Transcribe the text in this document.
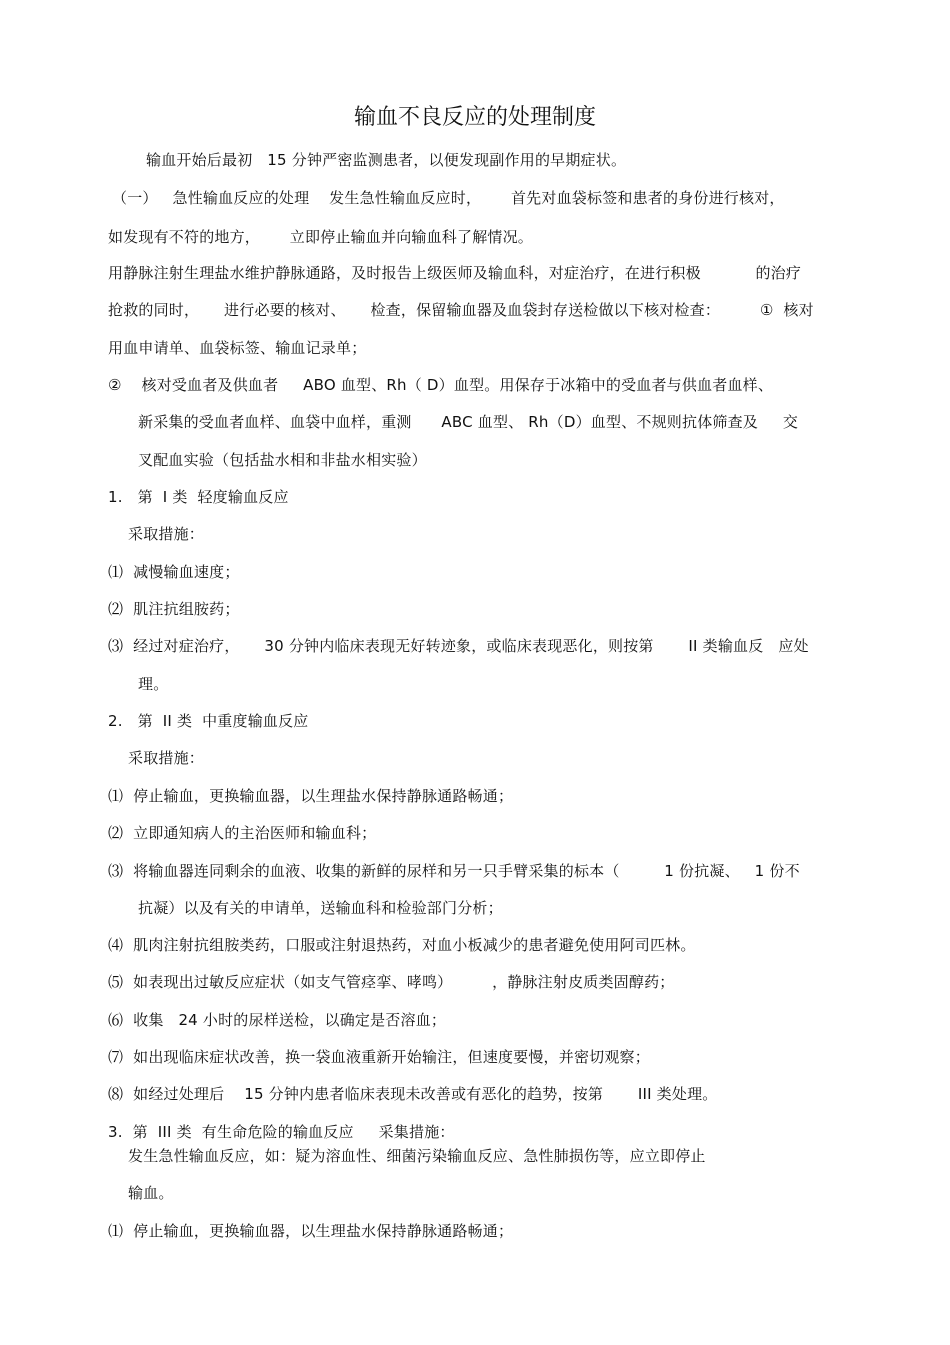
输血不良反应的处理制度
输血开始后最初   15 分钟严密监测患者，以便发现副作用的早期症状。
（一）   急性输血反应的处理    发生急性输血反应时，      首先对血袋标签和患者的身份进行核对，
如发现有不符的地方，      立即停止输血并向输血科了解情况。
用静脉注射生理盐水维护静脉通路，及时报告上级医师及输血科，对症治疗，在进行积极           的治疗
抢救的同时，     进行必要的核对、     检查，保留输血器及血袋封存送检做以下核对检查：        ①  核对
用血申请单、血袋标签、输血记录单；
②    核对受血者及供血者     ABO 血型、Rh（ D）血型。用保存于冰箱中的受血者与供血者血样、
新采集的受血者血样、血袋中血样，重测      ABC 血型、 Rh（D）血型、不规则抗体筛查及     交
叉配血实验（包括盐水相和非盐水相实验）
1.   第  I 类  轻度输血反应
采取措施：
⑴  减慢输血速度；
⑵  肌注抗组胺药；
⑶  经过对症治疗，     30 分钟内临床表现无好转迹象，或临床表现恶化，则按第       II 类输血反   应处
理。
2.   第  II 类  中重度输血反应
采取措施：
⑴  停止输血，更换输血器，以生理盐水保持静脉通路畅通；
⑵  立即通知病人的主治医师和输血科；
⑶  将输血器连同剩余的血液、收集的新鲜的尿样和另一只手臂采集的标本（         1 份抗凝、   1 份不
抗凝）以及有关的申请单，送输血科和检验部门分析；
⑷  肌肉注射抗组胺类药，口服或注射退热药，对血小板减少的患者避免使用阿司匹林。
⑸  如表现出过敏反应症状（如支气管痉挛、哮鸣）        ，静脉注射皮质类固醇药；
⑹  收集   24 小时的尿样送检，以确定是否溶血；
⑺  如出现临床症状改善，换一袋血液重新开始输注，但速度要慢，并密切观察；
⑻  如经过处理后    15 分钟内患者临床表现未改善或有恶化的趋势，按第       III 类处理。
3.  第  III 类  有生命危险的输血反应     采集措施：
发生急性输血反应，如：疑为溶血性、细菌污染输血反应、急性肺损伤等，应立即停止
输血。
⑴  停止输血，更换输血器，以生理盐水保持静脉通路畅通；
